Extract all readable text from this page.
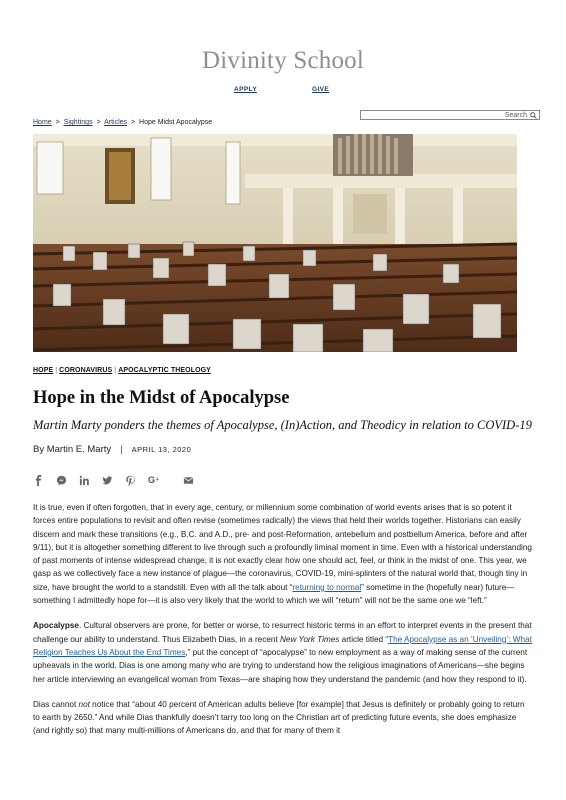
Divinity School
APPLY	GIVE
Search
Home > Sightings > Articles > Hope Midst Apocalypse
HOPE | CORONAVIRUS | APOCALYPTIC THEOLOGY
Hope in the Midst of Apocalypse
Martin Marty ponders the themes of Apocalypse, (In)Action, and Theodicy in relation to COVID-19
By Martin E. Marty | APRIL 13, 2020
G +

It is true, even if often forgotten, that in every age, century, or millennium some combination of world events arises that is so potent it forces entire populations to revisit and often revise (sometimes radically) the views that held their worlds together. Historians can easily discern and mark these transitions (e.g., B.C. and A.D., pre- and post-Reformation, antebellum and postbellum America, before and after 9/11), but it is altogether something different to live through such a profoundly liminal moment in time. Even with a historical understanding of past moments of intense widespread change, it is not exactly clear how one should act, feel, or think in the midst of one. This year, we gasp as we collectively face a new instance of plague—the coronavirus, COVID-19, mini-splinters of the natural world that, though tiny in size, have brought the world to a standstill. Even with all the talk about “returning to normal” sometime in the (hopefully near) future—something I admittedly hope for—it is also very likely that the world to which we will “return” will not be the same one we “left.”

Apocalypse. Cultural observers are prone, for better or worse, to resurrect historic terms in an effort to interpret events in the present that challenge our ability to understand. Thus Elizabeth Dias, in a recent New York Times article titled “The Apocalypse as an ‘Unveiling’: What Religion Teaches Us About the End Times,” put the concept of “apocalypse” to new employment as a way of making sense of the current upheavals in the world. Dias is one among many who are trying to understand how the religious imaginations of Americans—she begins her article interviewing an evangelical woman from Texas—are shaping how they understand the pandemic (and how they respond to it).

Dias cannot not notice that “about 40 percent of American adults believe [for example] that Jesus is definitely or probably going to return to earth by 2650.” And while Dias thankfully doesn’t tarry too long on the Christian art of predicting future events, she does emphasize (and rightly so) that many multi-millions of Americans do, and that for many of them it
